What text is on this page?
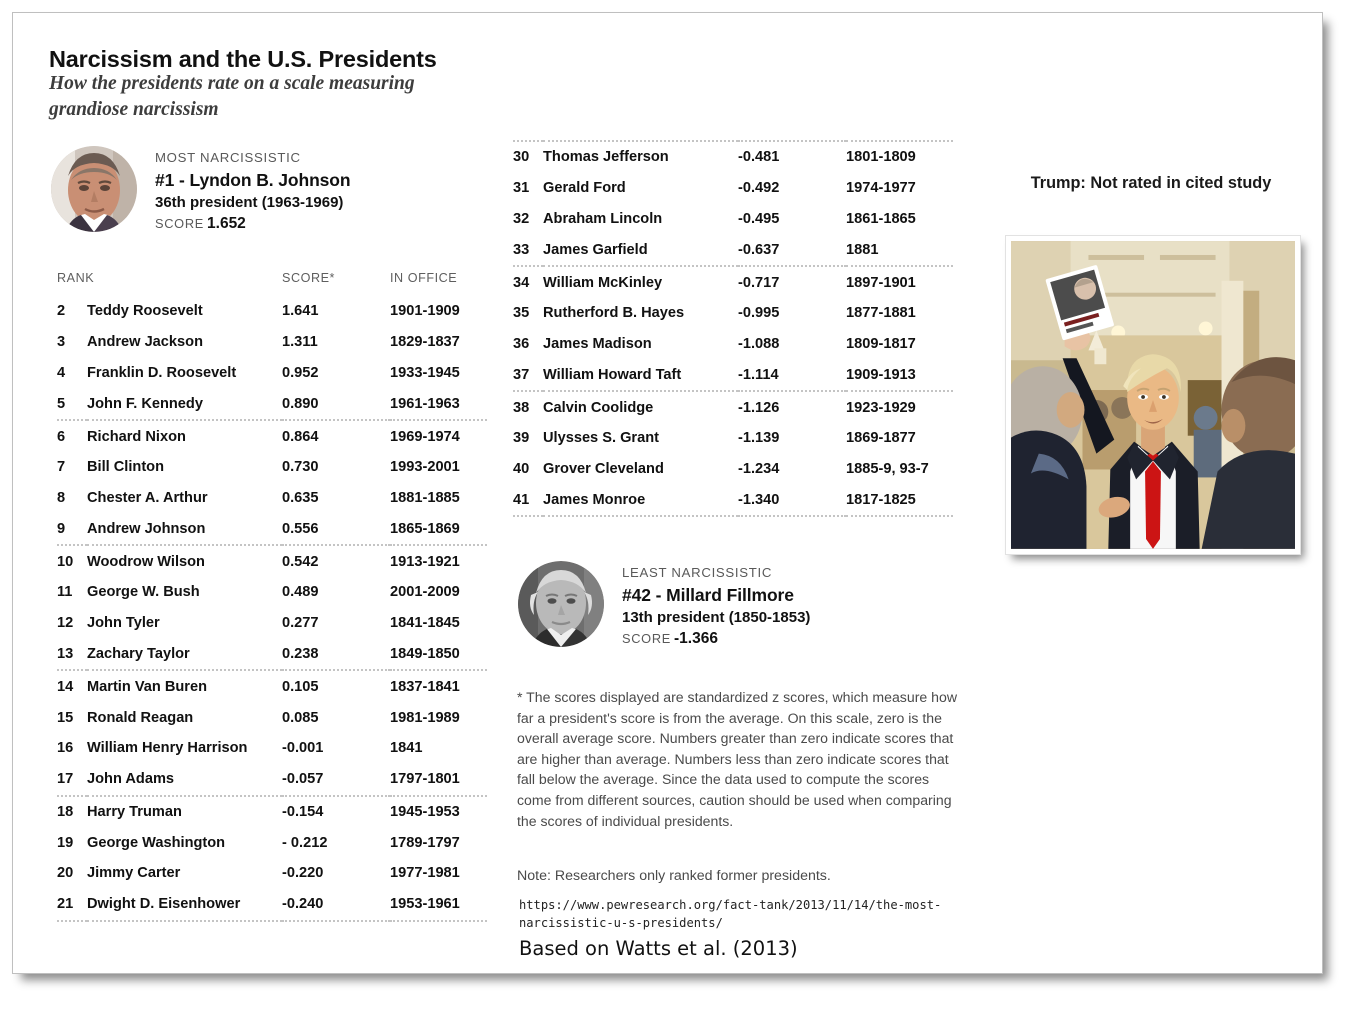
Narcissism and the U.S. Presidents
How the presidents rate on a scale measuring grandiose narcissism
MOST NARCISSISTIC
#1 - Lyndon B. Johnson
36th president (1963-1969)
SCORE 1.652
RANK		SCORE*	IN OFFICE
2	Teddy Roosevelt	1.641	1901-1909
3	Andrew Jackson	1.311	1829-1837
4	Franklin D. Roosevelt	0.952	1933-1945
5	John F. Kennedy	0.890	1961-1963
6	Richard Nixon	0.864	1969-1974
7	Bill Clinton	0.730	1993-2001
8	Chester A. Arthur	0.635	1881-1885
9	Andrew Johnson	0.556	1865-1869
10	Woodrow Wilson	0.542	1913-1921
11	George W. Bush	0.489	2001-2009
12	John Tyler	0.277	1841-1845
13	Zachary Taylor	0.238	1849-1850
14	Martin Van Buren	0.105	1837-1841
15	Ronald Reagan	0.085	1981-1989
16	William Henry Harrison	-0.001	1841
17	John Adams	-0.057	1797-1801
18	Harry Truman	-0.154	1945-1953
19	George Washington	- 0.212	1789-1797
20	Jimmy Carter	-0.220	1977-1981
21	Dwight D. Eisenhower	-0.240	1953-1961
30	Thomas Jefferson	-0.481	1801-1809
31	Gerald Ford	-0.492	1974-1977
32	Abraham Lincoln	-0.495	1861-1865
33	James Garfield	-0.637	1881
34	William McKinley	-0.717	1897-1901
35	Rutherford B. Hayes	-0.995	1877-1881
36	James Madison	-1.088	1809-1817
37	William Howard Taft	-1.114	1909-1913
38	Calvin Coolidge	-1.126	1923-1929
39	Ulysses S. Grant	-1.139	1869-1877
40	Grover Cleveland	-1.234	1885-9, 93-7
41	James Monroe	-1.340	1817-1825
LEAST NARCISSISTIC
#42 - Millard Fillmore
13th president (1850-1853)
SCORE -1.366
* The scores displayed are standardized z scores, which measure how far a president's score is from the average. On this scale, zero is the overall average score. Numbers greater than zero indicate scores that are higher than average. Numbers less than zero indicate scores that fall below the average. Since the data used to compute the scores come from different sources, caution should be used when comparing the scores of individual presidents.
Note: Researchers only ranked former presidents.
https://www.pewresearch.org/fact-tank/2013/11/14/the-most-narcissistic-u-s-presidents/
Based on Watts et al. (2013)
Trump: Not rated in cited study
